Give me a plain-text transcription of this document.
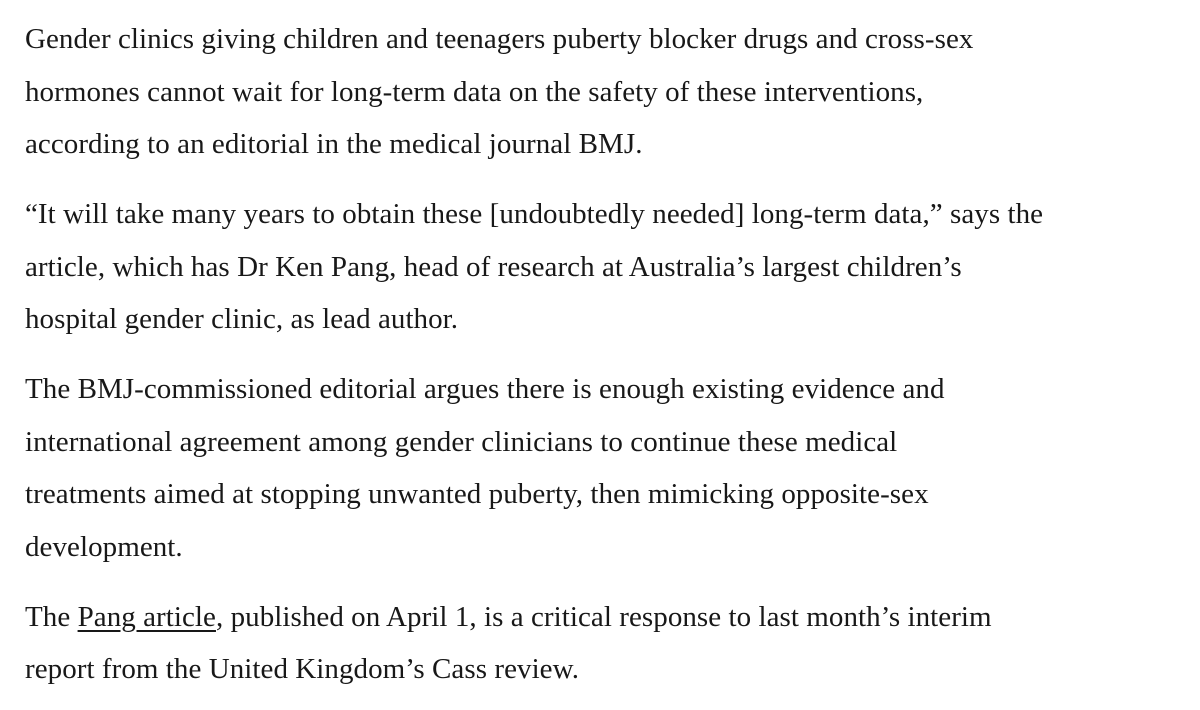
Gender clinics giving children and teenagers puberty blocker drugs and cross-sex
hormones cannot wait for long-term data on the safety of these interventions,
according to an editorial in the medical journal BMJ.
“It will take many years to obtain these [undoubtedly needed] long-term data,” says the
article, which has Dr Ken Pang, head of research at Australia’s largest children’s
hospital gender clinic, as lead author.
The BMJ-commissioned editorial argues there is enough existing evidence and
international agreement among gender clinicians to continue these medical
treatments aimed at stopping unwanted puberty, then mimicking opposite-sex
development.
The Pang article, published on April 1, is a critical response to last month’s interim
report from the United Kingdom’s Cass review.
